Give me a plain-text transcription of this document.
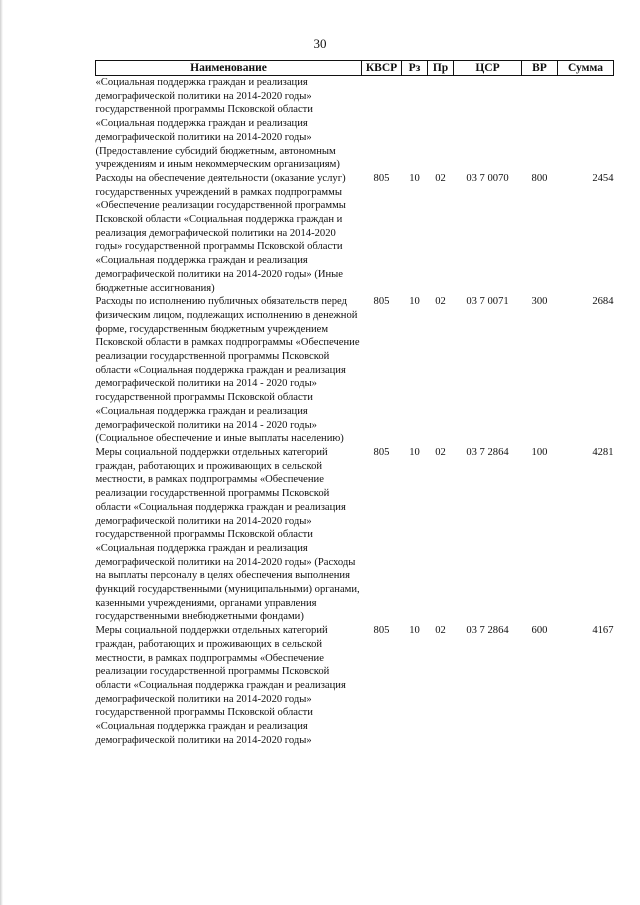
30
Наименование	КВСР	Рз	Пр	ЦСР	ВР	Сумма
«Социальная поддержка граждан и реализация демографической политики на 2014-2020 годы» государственной программы Псковской области «Социальная поддержка граждан и реализация демографической политики на 2014-2020 годы» (Предоставление субсидий бюджетным, автономным учреждениям и иным некоммерческим организациям)						
Расходы на обеспечение деятельности (оказание услуг) государственных учреждений в рамках подпрограммы «Обеспечение реализации государственной программы Псковской области «Социальная поддержка граждан и реализация демографической политики на 2014-2020 годы» государственной программы Псковской области «Социальная поддержка граждан и реализация демографической политики на 2014-2020 годы» (Иные бюджетные ассигнования)	805	10	02	03 7 0070	800	2454
Расходы по исполнению публичных обязательств перед физическим лицом, подлежащих исполнению в денежной форме, государственным бюджетным учреждением Псковской области в рамках подпрограммы «Обеспечение реализации государственной программы Псковской области «Социальная поддержка граждан и реализация демографической политики на 2014 - 2020 годы» государственной программы Псковской области «Социальная поддержка граждан и реализация демографической политики на 2014 - 2020 годы» (Социальное обеспечение и иные выплаты населению)	805	10	02	03 7 0071	300	2684
Меры социальной поддержки отдельных категорий граждан, работающих и проживающих в сельской местности, в рамках подпрограммы «Обеспечение реализации государственной программы Псковской области «Социальная поддержка граждан и реализация демографической политики на 2014-2020 годы» государственной программы Псковской области «Социальная поддержка граждан и реализация демографической политики на 2014-2020 годы» (Расходы на выплаты персоналу в целях обеспечения выполнения функций государственными (муниципальными) органами, казенными учреждениями, органами управления государственными внебюджетными фондами)	805	10	02	03 7 2864	100	4281
Меры социальной поддержки отдельных категорий граждан, работающих и проживающих в сельской местности, в рамках подпрограммы «Обеспечение реализации государственной программы Псковской области «Социальная поддержка граждан и реализация демографической политики на 2014-2020 годы» государственной программы Псковской области «Социальная поддержка граждан и реализация демографической политики на 2014-2020 годы»	805	10	02	03 7 2864	600	4167
